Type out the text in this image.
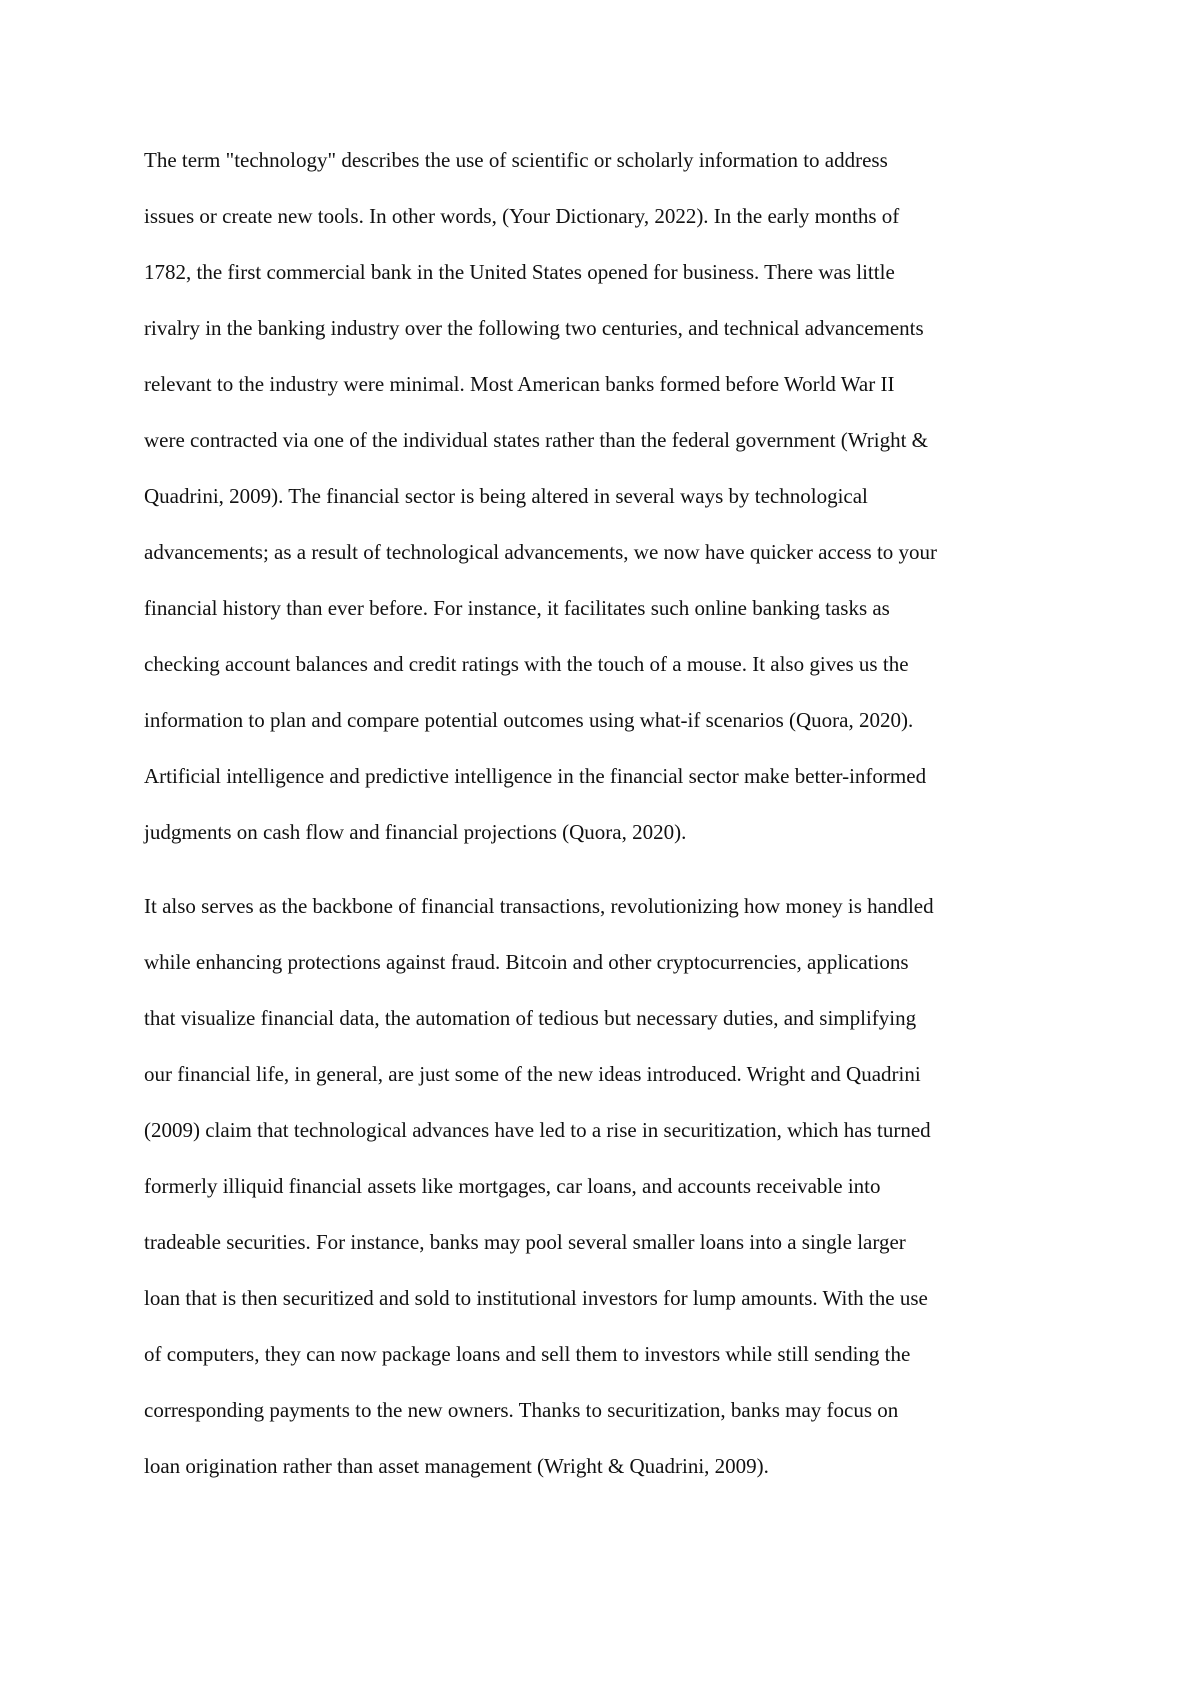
The term "technology" describes the use of scientific or scholarly information to address
issues or create new tools. In other words, (Your Dictionary, 2022). In the early months of
1782, the first commercial bank in the United States opened for business. There was little
rivalry in the banking industry over the following two centuries, and technical advancements
relevant to the industry were minimal. Most American banks formed before World War II
were contracted via one of the individual states rather than the federal government (Wright &
Quadrini, 2009). The financial sector is being altered in several ways by technological
advancements; as a result of technological advancements, we now have quicker access to your
financial history than ever before. For instance, it facilitates such online banking tasks as
checking account balances and credit ratings with the touch of a mouse. It also gives us the
information to plan and compare potential outcomes using what-if scenarios (Quora, 2020).
Artificial intelligence and predictive intelligence in the financial sector make better-informed
judgments on cash flow and financial projections (Quora, 2020).
It also serves as the backbone of financial transactions, revolutionizing how money is handled
while enhancing protections against fraud. Bitcoin and other cryptocurrencies, applications
that visualize financial data, the automation of tedious but necessary duties, and simplifying
our financial life, in general, are just some of the new ideas introduced. Wright and Quadrini
(2009) claim that technological advances have led to a rise in securitization, which has turned
formerly illiquid financial assets like mortgages, car loans, and accounts receivable into
tradeable securities. For instance, banks may pool several smaller loans into a single larger
loan that is then securitized and sold to institutional investors for lump amounts. With the use
of computers, they can now package loans and sell them to investors while still sending the
corresponding payments to the new owners. Thanks to securitization, banks may focus on
loan origination rather than asset management (Wright & Quadrini, 2009).
